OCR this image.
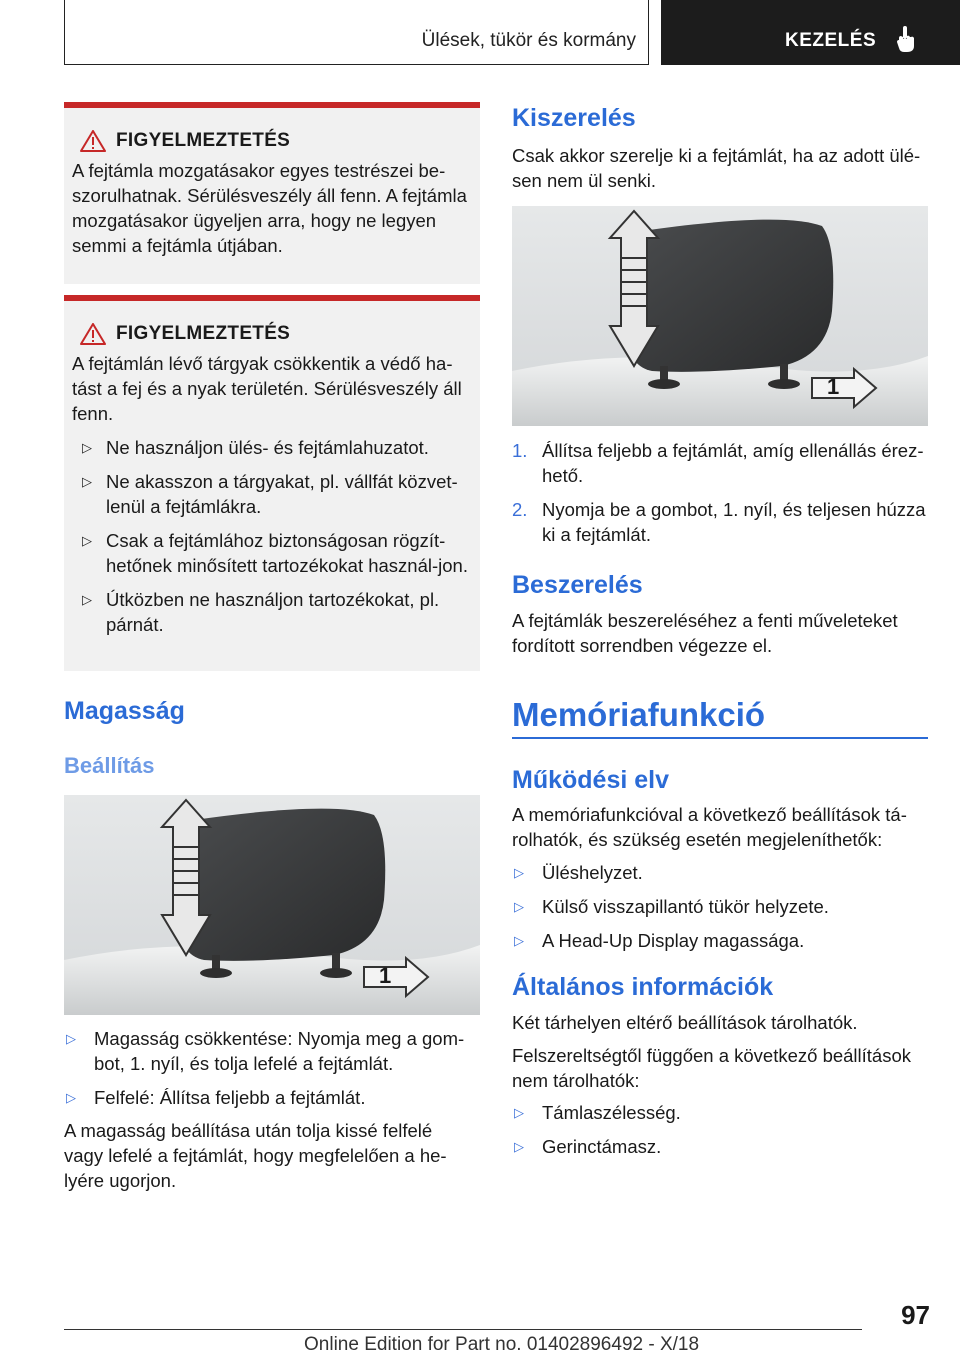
Ülések, tükör és kormány	KEZELÉS
FIGYELMEZTETÉS

A fejtámla mozgatásakor egyes testrészei be-szorulhatnak. Sérülésveszély áll fenn. A fejtámla mozgatásakor ügyeljen arra, hogy ne legyen semmi a fejtámla útjában.

FIGYELMEZTETÉS

A fejtámlán lévő tárgyak csökkentik a védő ha-tást a fej és a nyak területén. Sérülésveszély áll fenn.

▷ Ne használjon ülés- és fejtámlahuzatot.
▷ Ne akasszon a tárgyakat, pl. vállfát közvet-lenül a fejtámlákra.
▷ Csak a fejtámlához biztonságosan rögzít-hetőnek minősített tartozékokat használ-jon.
▷ Útközben ne használjon tartozékokat, pl. párnát.
Magasság
Beállítás
1
▷ Magasság csökkentése: Nyomja meg a gom-bot, 1. nyíl, és tolja lefelé a fejtámlát.
▷ Felfelé: Állítsa feljebb a fejtámlát.
A magasság beállítása után tolja kissé felfelé vagy lefelé a fejtámlát, hogy megfelelően a he-lyére ugorjon.
Kiszerelés
Csak akkor szerelje ki a fejtámlát, ha az adott ülé-sen nem ül senki.
1
1. Állítsa feljebb a fejtámlát, amíg ellenállás érez-hető.
2. Nyomja be a gombot, 1. nyíl, és teljesen húzza ki a fejtámlát.
Beszerelés
A fejtámlák beszereléséhez a fenti műveleteket fordított sorrendben végezze el.
Memóriafunkció
Működési elv
A memóriafunkcióval a következő beállítások tá-rolhatók, és szükség esetén megjeleníthetők:
▷ Üléshelyzet.
▷ Külső visszapillantó tükör helyzete.
▷ A Head-Up Display magassága.
Általános információk
Két tárhelyen eltérő beállítások tárolhatók.
Felszereltségtől függően a következő beállítások nem tárolhatók:
▷ Támlaszélesség.
▷ Gerinctámasz.
97
Online Edition for Part no. 01402896492 - X/18
